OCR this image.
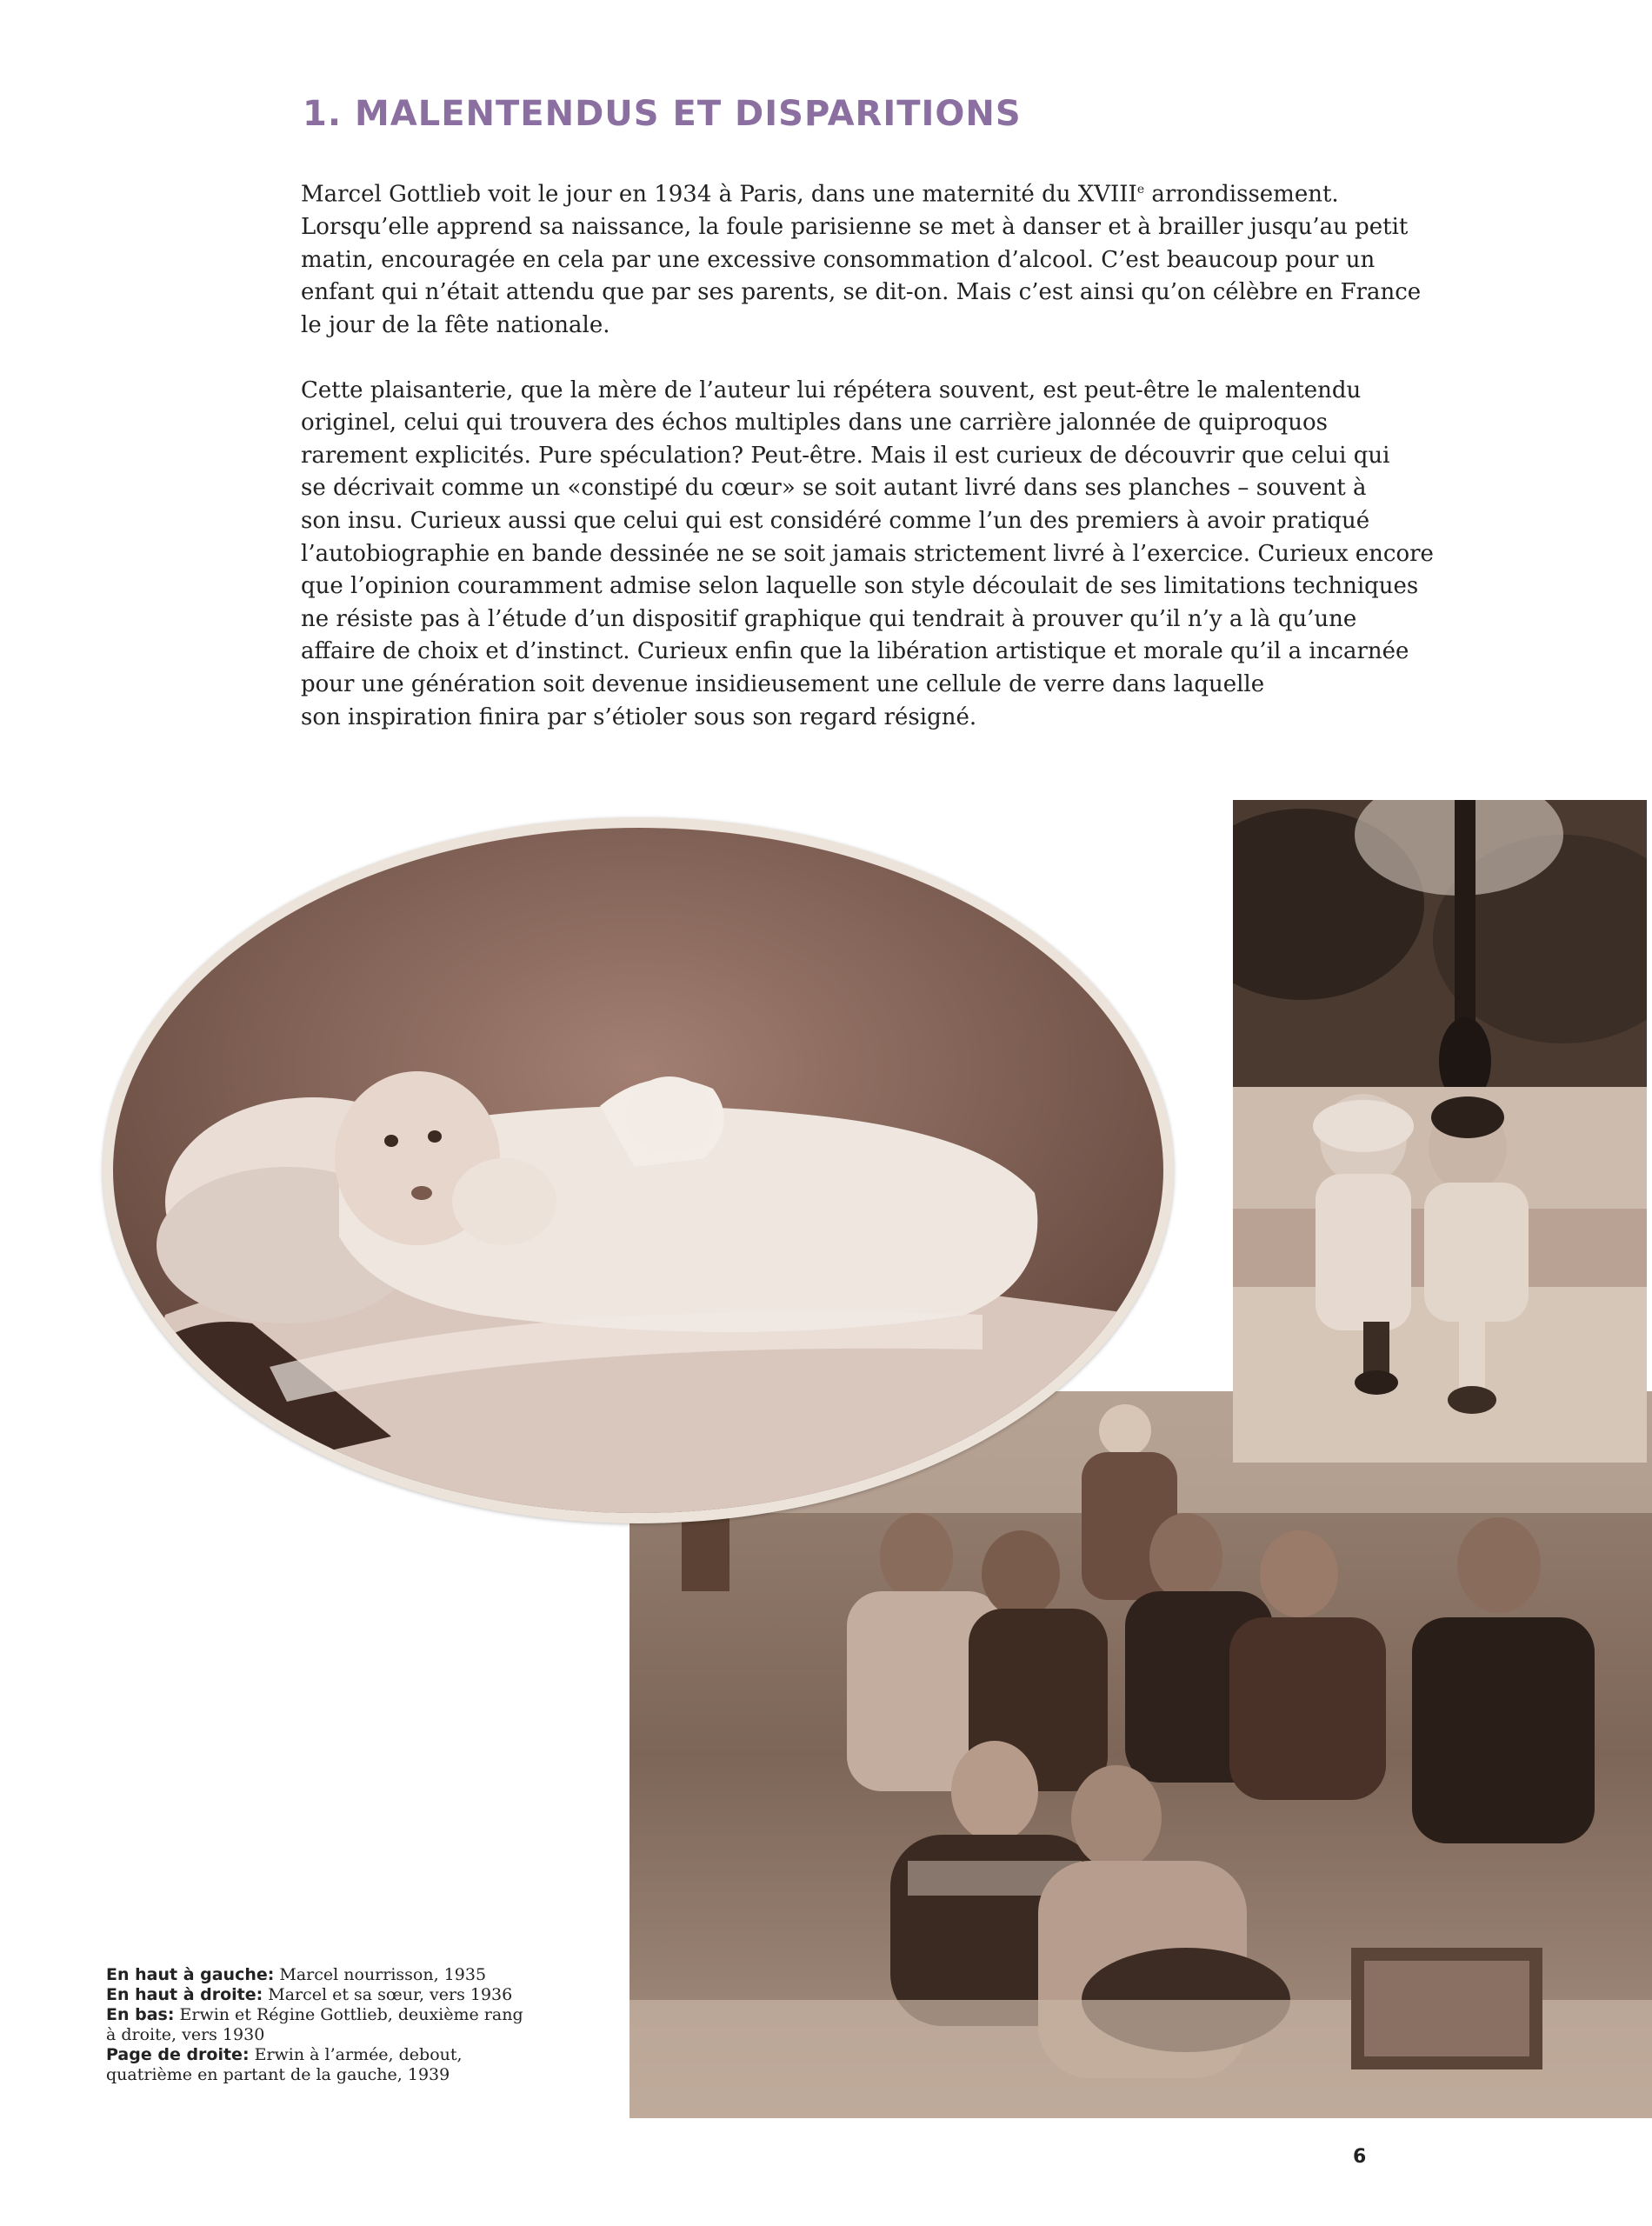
1. MALENTENDUS ET DISPARITIONS
Marcel Gottlieb voit le jour en 1934 à Paris, dans une maternité du XVIIIe arrondissement.
Lorsqu’elle apprend sa naissance, la foule parisienne se met à danser et à brailler jusqu’au petit
matin, encouragée en cela par une excessive consommation d’alcool. C’est beaucoup pour un
enfant qui n’était attendu que par ses parents, se dit-on. Mais c’est ainsi qu’on célèbre en France
le jour de la fête nationale.
Cette plaisanterie, que la mère de l’auteur lui répétera souvent, est peut-être le malentendu
originel, celui qui trouvera des échos multiples dans une carrière jalonnée de quiproquos
rarement explicités. Pure spéculation? Peut-être. Mais il est curieux de découvrir que celui qui
se décrivait comme un «constipé du cœur» se soit autant livré dans ses planches – souvent à
son insu. Curieux aussi que celui qui est considéré comme l’un des premiers à avoir pratiqué
l’autobiographie en bande dessinée ne se soit jamais strictement livré à l’exercice. Curieux encore
que l’opinion couramment admise selon laquelle son style découlait de ses limitations techniques
ne résiste pas à l’étude d’un dispositif graphique qui tendrait à prouver qu’il n’y a là qu’une
affaire de choix et d’instinct. Curieux enfin que la libération artistique et morale qu’il a incarnée
pour une génération soit devenue insidieusement une cellule de verre dans laquelle
son inspiration finira par s’étioler sous son regard résigné.
En haut à gauche: Marcel nourrisson, 1935
En haut à droite: Marcel et sa sœur, vers 1936
En bas: Erwin et Régine Gottlieb, deuxième rang
à droite, vers 1930
Page de droite: Erwin à l’armée, debout,
quatrième en partant de la gauche, 1939
6
